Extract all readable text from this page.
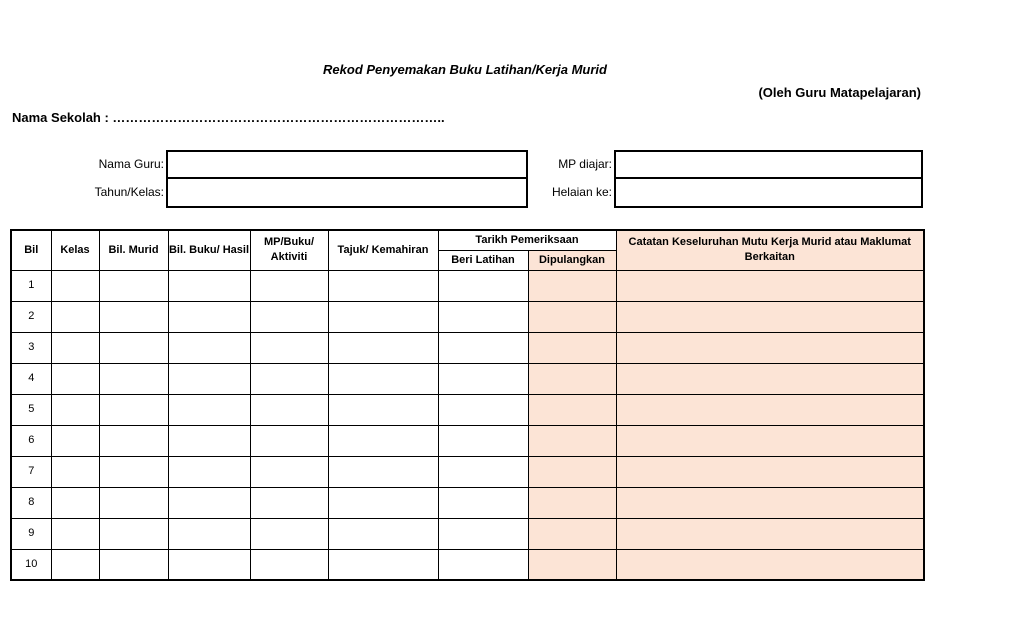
Rekod Penyemakan Buku Latihan/Kerja Murid
(Oleh Guru Matapelajaran)
Nama Sekolah : …………………………………………………………………..
Nama Guru:
Tahun/Kelas:
MP diajar:
Helaian ke:
Bil	Kelas	Bil. Murid	Bil. Buku/ Hasil	MP/Buku/ Aktiviti	Tajuk/ Kemahiran	Tarikh Pemeriksaan		Catatan Keseluruhan Mutu Kerja Murid atau Maklumat Berkaitan
						Beri Latihan	Dipulangkan	
1								
2								
3								
4								
5								
6								
7								
8								
9								
10								
